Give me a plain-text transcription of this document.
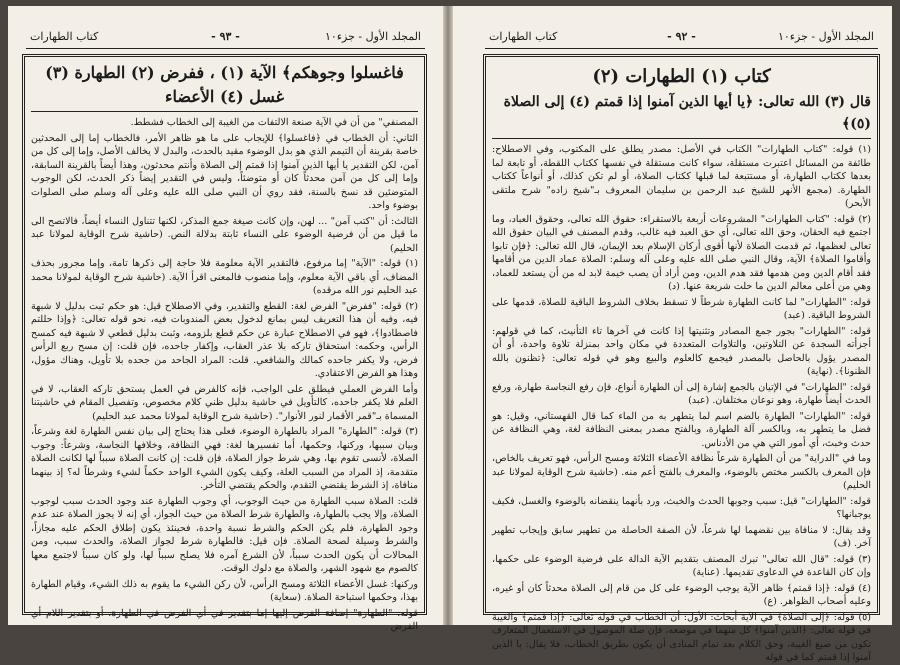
المجلد الأول - جزء١٠
- ٩٣ -
كتاب الطهارات
فاغسلوا وجوهكم﴾ الآية (١) ، ففرض (٢) الطهارة (٣) غسل (٤) الأعضاء

المصنفي" من أن في الآية صنعة الالتفات من الغيبة إلى الخطاب فشطط.

الثاني: أن الخطاب في ﴿فاغسلوا﴾ للإيجاب على ما هو ظاهر الأمر، فالخطاب إما إلى المحدثين خاصة بقرينة أن التيمم الذي هو بدل الوضوء مقيد بالحدث، والبدل لا يخالف الأصل، وإما إلى كل من آمن، لكن التقدير يا أيها الذين آمنوا إذا قمتم إلى الصلاة وأنتم محدثون، وهذا أيضاً بالقرينة السابقة، وإما إلى كل من آمن محدثاً كان أو متوضئاً، وليس في التقدير إيضاً ذكر الحدث، لكن الوجوب المتوضئين قد نسخ بالسنة، فقد روي أن النبي صلى الله عليه وعلى آله وسلم صلى الصلوات بوضوء واحد.

الثالث: أن "كتب آمن" ... لهن، وإن كانت صيغة جمع المذكر، لكنها تتناول النساء أيضاً، فالاتصح الى ما قيل من أن فرضية الوضوء على النساء ثابتة بدلالة النص. (حاشية شرح الوقاية لمولانا عبد الحليم)

(١) قوله: "الآية" إما مرفوع، فالتقدير الآية معلومة فلا حاجة إلى ذكرها تامة، وإما مجرور بحذف المضاف، أي باقي الآية معلوم، وإما منصوب فالمعنى اقرأ الآية. (حاشية شرح الوقاية لمولانا محمد عبد الحليم نور الله مرقده)

(٢) قوله: "ففرض" الفرض لغة: القطع والتقدير، وفي الاصطلاح قيل: هو حكم ثبت بدليل لا شبهة فيه، وفيه أن هذا التعريف ليس بمانع لدخول بعض المندوبات فيه، نحو قوله تعالى: ﴿وإذا حللتم فاصطادوا﴾، فهو في الاصطلاح عبارة عن حكم قطع بلزومه، وثبت بدليل قطعي لا شبهة فيه كمسح الرأس، وحكمه: استحقاق تاركه بلا عذر العقاب، وإكفار جاحده، فإن قلت: إن مسح ربع الرأس فرض، ولا يكفر جاحده كمالك والشافعي. قلت: المراد الجاحد من جحده بلا تأويل، وهناك مؤول، وهذا هو الفرض الاعتقادي.

وأما الفرض العملي فيطلق على الواجب، فإنه كالفرض في العمل يستحق تاركه العقاب، لا في العلم فلا يكفر جاحده، كالتأويل في حاشية بدليل ظني كلام مخصوص، وتفصيل المقام في حاشيتنا المسماة بـ"قمر الأقمار لنور الأنوار". (حاشية شرح الوقاية لمولانا محمد عبد الحليم)

(٣) قوله: "الطهارة" المراد بالطهارة الوضوء، فعلى هذا يحتاج إلى بيان نفس الطهارة لغة وشرعاً، وبيان سببها، وركنها، وحكمها، أما تفسيرها لغة: فهي النظافة، وخلافها النجاسة، وشرعاً: وجوب الصلاة، لأنسى تقوم بها، وهي شرط جواز الصلاة، فإن قلت: إن كانت الصلاة سبباً لها لكانت الصلاة متقدمة، إذ المراد من السبب العلة، وكيف يكون الشيء الواحد حكماً لشيء وشرطاً له؟ إذ بينهما منافاة، إذ الشرط يقتضي التقدم، والحكم يقتضي التأخر.

قلت: الصلاة سبب الطهارة من حيث الوجوب، أي وجوب الطهارة عند وجود الحدث سبب لوجوب الصلاة، وإلا يجب بالطهارة، والطهارة شرط الصلاة من حيث الجواز، أي إنه لا يجوز الصلاة عند عدم وجود الطهارة، فلم يكن الحكم والشرط نسبة واحدة، فحينئذ يكون إطلاق الحكم عليه مجازاً، والشرط وسيلة لصحة الصلاة. فإن قيل: فالطهارة شرط لجواز الصلاة، والحدث سبب، ومن المحالات أن يكون الحدث سبباً، لأن الشرع آمره فلا يصلح سبباً لها، ولو كان سبباً لاجتمع معها كالصوم مع شهود الشهر، والصلاة مع دلوك الوقت.

وركنها: غسل الأعضاء الثلاثة ومسح الرأس، لأن ركن الشيء ما يقوم به ذلك الشيء، وقيام الطهارة بهذا، وحكمها استباحة الصلاة. (سعاية)

قوله: "الطهارة" إضافة الفرض إليها إما بتقدير في أي الفرض في الطهارة، أو بتقدير اللام أي الفرض

المجلد الأول - جزء١٠
- ٩٢ -
كتاب الطهارات
كتاب (١) الطهارات (٢)
قال (٣) الله تعالى: ﴿يا أيها الذين آمنوا إذا قمتم (٤) إلى الصلاة (٥)﴾

(١) قوله: "كتاب الطهارات" الكتاب في الأصل: مصدر يطلق على المكتوب، وفي الاصطلاح: طائفة من المسائل اعتبرت مستقلة، سواء كانت مستقلة في نفسها ككتاب اللقطة، أو تابعة لما بعدها ككتاب الطهارة، أو مستتبعة لما قبلها ككتاب الصلاة، أو لم تكن كذلك، أو أنواعاً ككتاب الطهارة. (مجمع الأنهر للشيخ عبد الرحمن بن سليمان المعروف بـ"شيخ زاده" شرح ملتقى الأبحر)

(٢) قوله: "كتاب الطهارات" المشروعات أربعة بالاستقراء: حقوق الله تعالى، وحقوق العباد، وما اجتمع فيه الحقان، وحق الله تعالى، أي حق العبد فيه غالب، وقدم المصنف في البيان حقوق الله تعالى لعظمها، ثم قدمت الصلاة لأنها أقوى أركان الإسلام بعد الإيمان، قال الله تعالى: ﴿فإن تابوا وأقاموا الصلاة﴾ الآية، وقال النبي صلى الله عليه وعلى آله وسلم: الصلاة عماد الدين من أقامها فقد أقام الدين ومن هدمها فقد هدم الدين، ومن أراد أن يصب خيمة لابد له من أن يستعد للعماد، وهي من أعلى معالم الدين ما حلت شريعة عنها. (د)

قوله: "الطهارات" لما كانت الطهارة شرطاً لا تسقط بخلاف الشروط الباقية للصلاة، قدمها على الشروط الباقية. (عبد)

قوله: "الطهارات" بجور جمع المصادر وتثنيتها إذا كانت في آخرها تاء التأنيث، كما في قولهم: أجزأته السجدة عن التلاوتين، والتلاوات المتعددة في مكان واحد بمنزلة تلاوة واحدة، أو أن المصدر يؤول بالحاصل بالمصدر فيجمع كالعلوم والبيع وهو في قوله تعالى: ﴿تظنون بالله الظنونا﴾. (نهاية)

قوله: "الطهارات" في الإتيان بالجمع إشارة إلى أن الطهارة أنواع، فإن رفع النجاسة طهارة، ورفع الحدث أيضاً طهارة، وهو نوعان مختلفان. (عبد)

قوله: "الطهارات" الطهارة بالضم اسم لما يتطهر به من الماء كما قال القهستاني، وقيل: هو فضل ما يتطهر به، وبالكسر آلة الطهارة، وبالفتح مصدر بمعنى النظافة لغة، وهي النظافة عن حدث وخبث، أي أمور التي هي من الأدناس.

وما في "الدراية" من أن الطهارة شرعاً نظافة الأعضاء الثلاثة ومسح الرأس، فهو تعريف بالخاص، فإن المعرف بالكسر مختص بالوضوء، والمعرف بالفتح أعم منه. (حاشية شرح الوقاية لمولانا عبد الحليم)

قوله: "الطهارات" قيل: سبب وجوبها الحدث والخبث، ورد بأنهما ينقضانه بالوضوء والغسل، فكيف يوجبانها؟

وقد يقال: لا منافاة بين نقضهما لها شرعاً، لأن الصفة الحاصلة من تطهير سابق وإيجاب تطهير آخر. (ف)

(٣) قوله: "قال الله تعالى" تبرك المصنف بتقديم الآية الدالة على فرضية الوضوء على حكمها، وإن كان القاعدة في الدعاوى تقديمها. (عناية)

(٤) قوله: ﴿إذا قمتم﴾ ظاهر الآية يوجب الوضوء على كل من قام إلى الصلاة محدثاً كان أو غيره، وعليه أصحاب الظواهر. (ع)

(٥) قوله: ﴿إلى الصلاة﴾ في الآية أبحاث: الأول: أن الخطاب في قوله تعالى: ﴿إذا قمتم﴾ والغيبة في قوله تعالى: ﴿الذين آمنوا﴾ كل منهما في موضعه، فإن صلة الموصول في الاستعمال المتعارف تكون من صيغ الغيبة، وحق الكلام بعد تمام المنادى أن يكون بطريق الخطاب، فلا يقال: يا الذين آمنوا إذا قمتم كما في قوله
